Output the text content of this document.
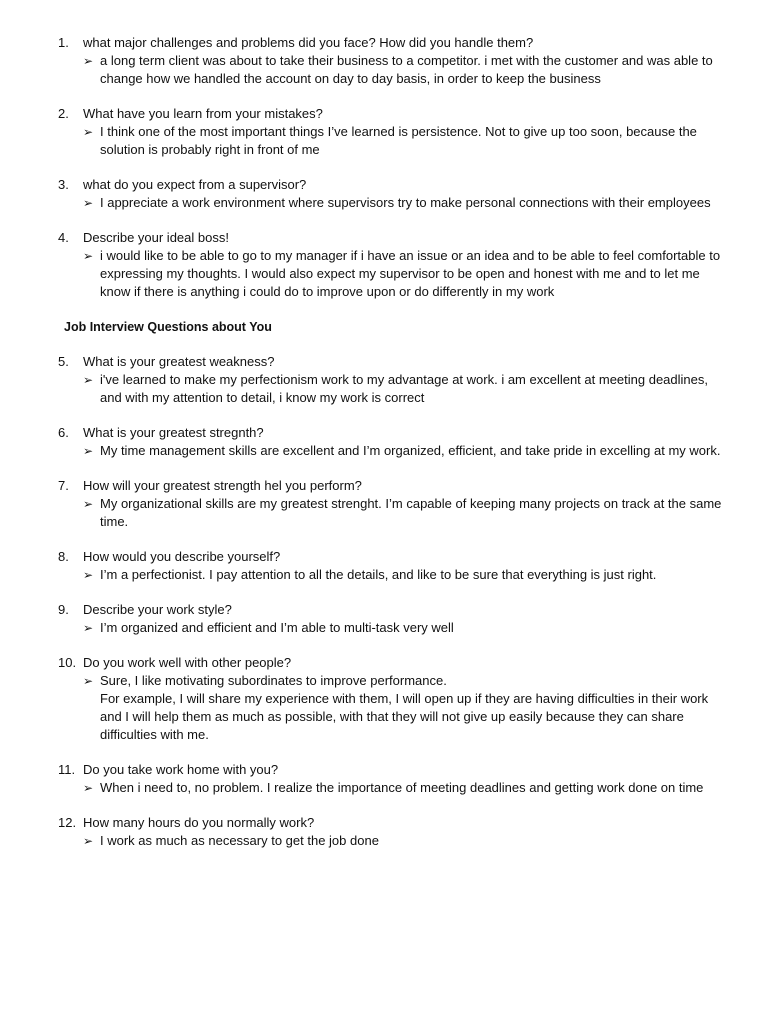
1.	what major challenges and problems did you face? How did you handle them?
➢ a long term client was about to take their business to a competitor. i met with the customer and was able to change how we handled the account on day to day basis, in order to keep the business
2.	What have you learn from your mistakes?
➢ I think one of the most important things I’ve learned is persistence. Not to give up too soon, because the solution is probably right in front of me
3.	what do you expect from a supervisor?
➢ I appreciate a work environment where supervisors try to make personal connections with their employees
4.	Describe your ideal boss!
➢ i would like to be able to go to my manager if i have an issue or an idea and to be able to feel comfortable to expressing my thoughts. I would also expect my supervisor to be open and honest with me and to let me know if there is anything i could do to improve upon or do differently in my work
Job Interview Questions about You
5.	What is your greatest weakness?
➢ i've learned to make my perfectionism work to my advantage at work. i am excellent at meeting deadlines, and with my attention to detail, i know my work is correct
6.	What is your greatest stregnth?
➢ My time management skills are excellent and I’m organized, efficient, and take pride in excelling at my work.
7.	How will your greatest strength hel you perform?
➢ My organizational skills are my greatest strenght. I’m capable of keeping many projects on track at the same time.
8.	How would you describe yourself?
➢ I’m a perfectionist. I pay attention to all the details, and like to be sure that everything is just right.
9.	Describe your work style?
➢ I’m organized and efficient and I’m able to multi-task very well
10. Do you work well with other people?
➢ Sure, I like motivating subordinates to improve performance.
For example, I will share my experience with them, I will open up if they are having difficulties in their work and I will help them as much as possible, with that they will not give up easily because they can share difficulties with me.
11. Do you take work home with you?
➢ When i need to, no problem. I realize the importance of meeting deadlines and getting work done on time
12. How many hours do you normally work?
➢ I work as much as necessary to get the job done
